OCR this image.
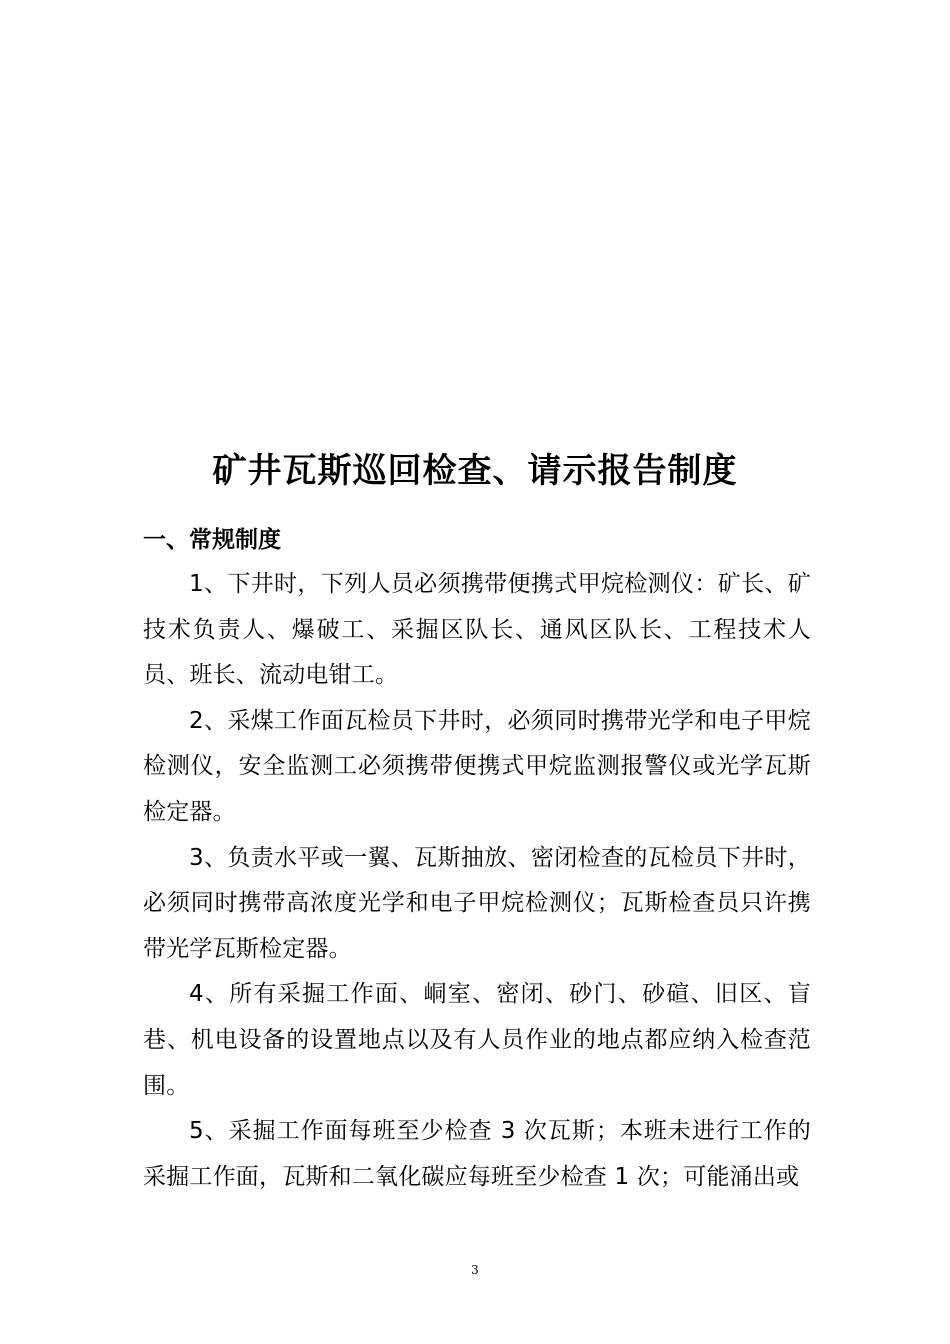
矿井瓦斯巡回检查、请示报告制度
一、常规制度

1、下井时，下列人员必须携带便携式甲烷检测仪：矿长、矿技术负责人、爆破工、采掘区队长、通风区队长、工程技术人员、班长、流动电钳工。

2、采煤工作面瓦检员下井时，必须同时携带光学和电子甲烷检测仪，安全监测工必须携带便携式甲烷监测报警仪或光学瓦斯检定器。

3、负责水平或一翼、瓦斯抽放、密闭检查的瓦检员下井时，必须同时携带高浓度光学和电子甲烷检测仪；瓦斯检查员只许携带光学瓦斯检定器。

4、所有采掘工作面、峒室、密闭、砂门、砂碹、旧区、盲巷、机电设备的设置地点以及有人员作业的地点都应纳入检查范围。

5、采掘工作面每班至少检查 3 次瓦斯；本班未进行工作的采掘工作面，瓦斯和二氧化碳应每班至少检查 1 次；可能涌出或

3
